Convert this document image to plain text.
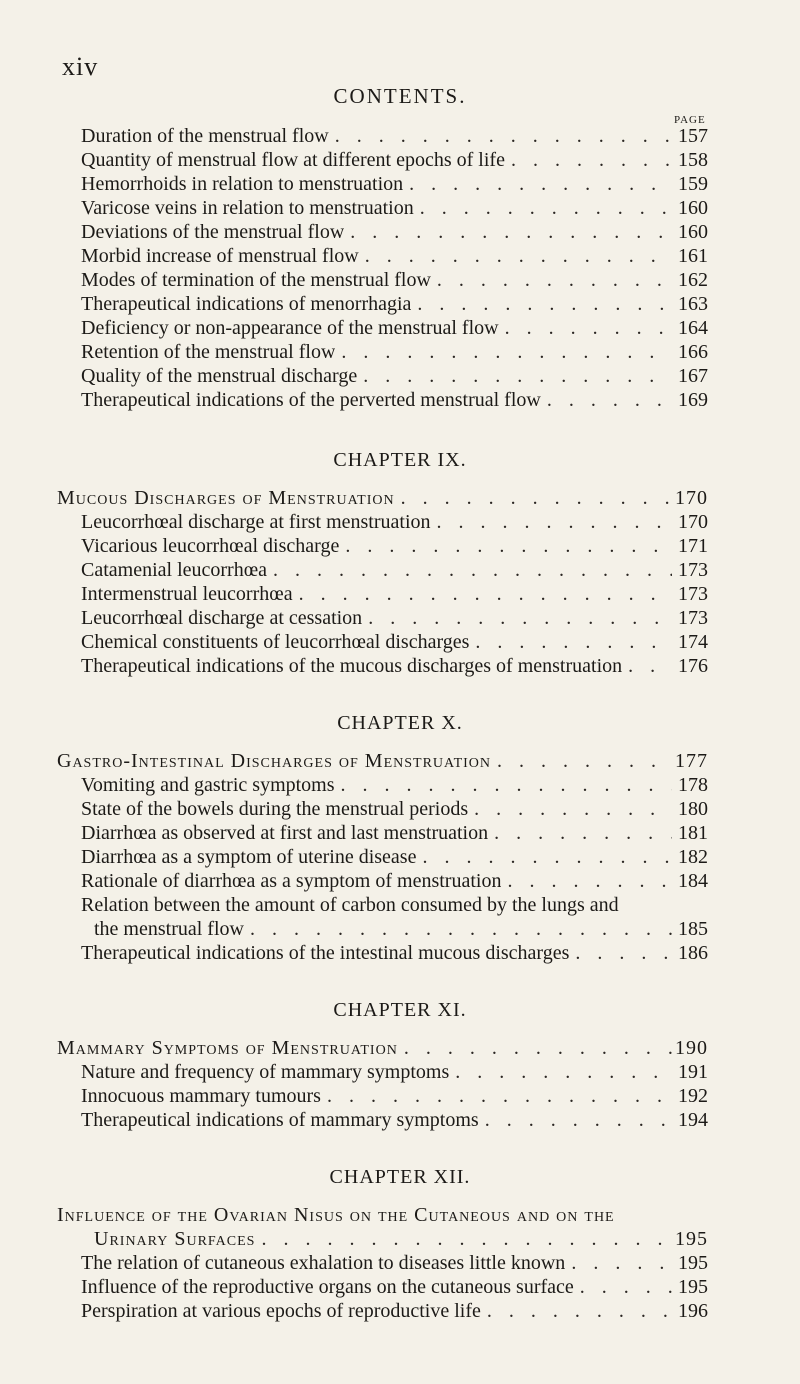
xiv
CONTENTS.
PAGE
Duration of the menstrual flow . . .	157
Quantity of menstrual flow at different epochs of life . . .	158
Hemorrhoids in relation to menstruation . . .	159
Varicose veins in relation to menstruation . . .	160
Deviations of the menstrual flow . . .	160
Morbid increase of menstrual flow . . .	161
Modes of termination of the menstrual flow . . .	162
Therapeutical indications of menorrhagia . . .	163
Deficiency or non-appearance of the menstrual flow . . .	164
Retention of the menstrual flow . . .	166
Quality of the menstrual discharge . . .	167
Therapeutical indications of the perverted menstrual flow . . .	169
CHAPTER IX.
Mucous Discharges of Menstruation . . .	170
Leucorrhœal discharge at first menstruation . . .	170
Vicarious leucorrhœal discharge . . .	171
Catamenial leucorrhœa . . .	173
Intermenstrual leucorrhœa . . .	173
Leucorrhœal discharge at cessation . . .	173
Chemical constituents of leucorrhœal discharges . . .	174
Therapeutical indications of the mucous discharges of menstruation . . .	176
CHAPTER X.
Gastro-Intestinal Discharges of Menstruation . . .	177
Vomiting and gastric symptoms . . .	178
State of the bowels during the menstrual periods . . .	180
Diarrhœa as observed at first and last menstruation . . .	181
Diarrhœa as a symptom of uterine disease . . .	182
Rationale of diarrhœa as a symptom of menstruation . . .	184
Relation between the amount of carbon consumed by the lungs and
the menstrual flow . . .	185
Therapeutical indications of the intestinal mucous discharges . . .	186
CHAPTER XI.
Mammary Symptoms of Menstruation . . .	190
Nature and frequency of mammary symptoms . . .	191
Innocuous mammary tumours . . .	192
Therapeutical indications of mammary symptoms . . .	194
CHAPTER XII.
Influence of the Ovarian Nisus on the Cutaneous and on the
Urinary Surfaces . . .	195
The relation of cutaneous exhalation to diseases little known . . .	195
Influence of the reproductive organs on the cutaneous surface . . .	195
Perspiration at various epochs of reproductive life . . .	196
